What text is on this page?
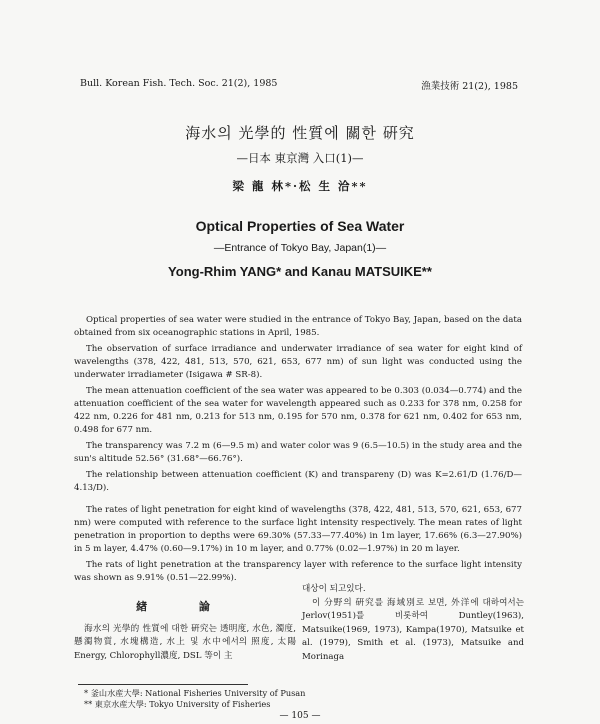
Bull. Korean Fish. Tech. Soc. 21(2), 1985	漁業技術 21(2), 1985
海水의 光學的 性質에 關한 硏究
—日本 東京灣 入口(1)—
梁 龍 林*·松 生 洽**
Optical Properties of Sea Water
—Entrance of Tokyo Bay, Japan(1)—
Yong-Rhim YANG* and Kanau MATSUIKE**

Optical properties of sea water were studied in the entrance of Tokyo Bay, Japan, based on the data obtained from six oceanographic stations in April, 1985.

The observation of surface irradiance and underwater irradiance of sea water for eight kind of wavelengths (378, 422, 481, 513, 570, 621, 653, 677 nm) of sun light was conducted using the underwater irradiameter (Isigawa # SR-8).

The mean attenuation coefficient of the sea water was appeared to be 0.303 (0.034—0.774) and the attenuation coefficient of the sea water for wavelength appeared such as 0.233 for 378 nm, 0.258 for 422 nm, 0.226 for 481 nm, 0.213 for 513 nm, 0.195 for 570 nm, 0.378 for 621 nm, 0.402 for 653 nm, 0.498 for 677 nm.

The transparency was 7.2 m (6—9.5 m) and water color was 9 (6.5—10.5) in the study area and the sun's altitude 52.56° (31.68°—66.76°).

The relationship between attenuation coefficient (K) and transpareny (D) was K=2.61/D (1.76/D—4.13/D).

The rates of light penetration for eight kind of wavelengths (378, 422, 481, 513, 570, 621, 653, 677 nm) were computed with reference to the surface light intensity respectively. The mean rates of light penetration in proportion to depths were 69.30% (57.33—77.40%) in 1m layer, 17.66% (6.3—27.90%) in 5 m layer, 4.47% (0.60—9.17%) in 10 m layer, and 0.77% (0.02—1.97%) in 20 m layer.

The rats of light penetration at the transparency layer with reference to the surface light intensity was shown as 9.91% (0.51—22.99%).

緖 論

海水의 光學的 性質에 대한 硏究는 透明度, 水色, 濁度, 懸濁物質, 水塊構造, 水上 및 水中에서의 照度, 太陽 Energy, Chlorophyll濃度, DSL 等이 主

대상이 되고있다.

이 分野의 硏究를 海域別로 보면, 外洋에 대하여서는 Jerlov(1951)를 비롯하여 Duntley(1963), Matsuike(1969, 1973), Kampa(1970), Matsuike et al. (1979), Smith et al. (1973), Matsuike and Morinaga

* 釜山水産大學: National Fisheries University of Pusan
** 東京水産大學: Tokyo University of Fisheries
— 105 —
